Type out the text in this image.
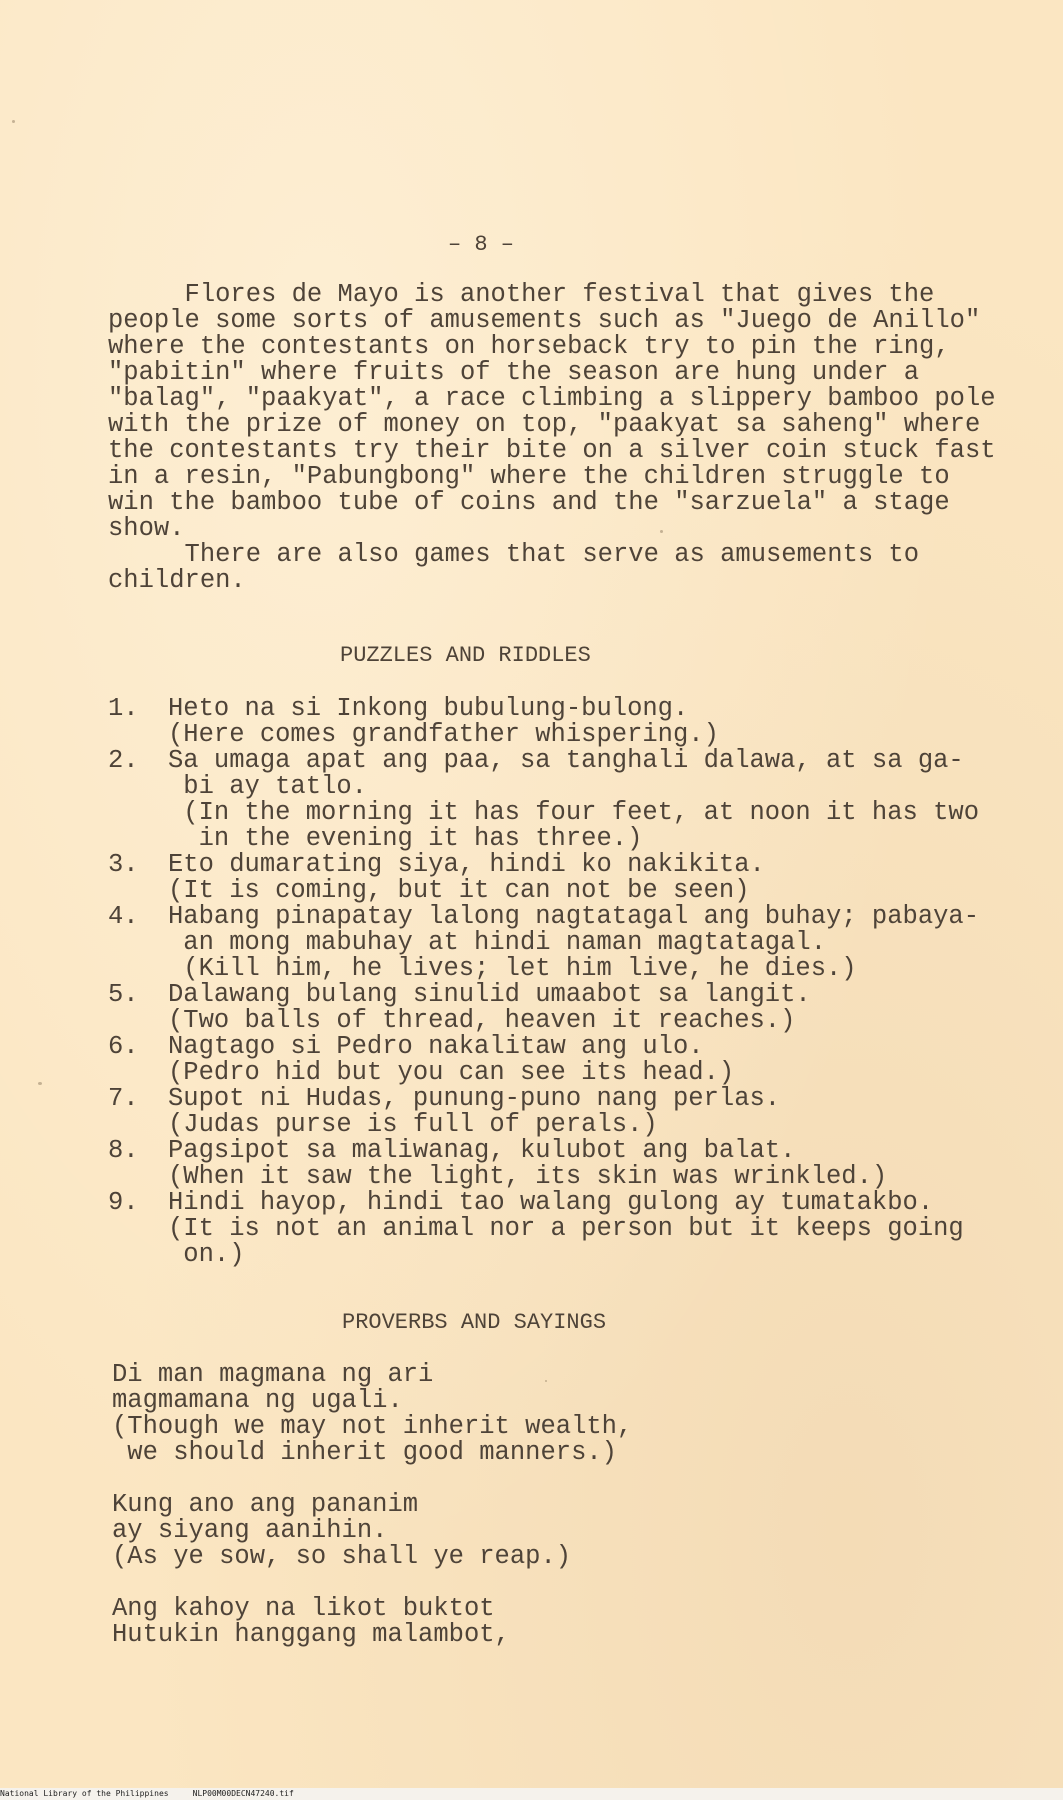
– 8 –
Flores de Mayo is another festival that gives the
people some sorts of amusements such as "Juego de Anillo"
where the contestants on horseback try to pin the ring,
"pabitin" where fruits of the season are hung under a
"balag", "paakyat", a race climbing a slippery bamboo pole
with the prize of money on top, "paakyat sa saheng" where
the contestants try their bite on a silver coin stuck fast
in a resin, "Pabungbong" where the children struggle to
win the bamboo tube of coins and the "sarzuela" a stage
show.
There are also games that serve as amusements to
children.
PUZZLES AND RIDDLES
1. Heto na si Inkong bubulung-bulong.
(Here comes grandfather whispering.)
2. Sa umaga apat ang paa, sa tanghali dalawa, at sa ga-
bi ay tatlo.
(In the morning it has four feet, at noon it has two
in the evening it has three.)
3. Eto dumarating siya, hindi ko nakikita.
(It is coming, but it can not be seen)
4. Habang pinapatay lalong nagtatagal ang buhay; pabaya-
an mong mabuhay at hindi naman magtatagal.
(Kill him, he lives; let him live, he dies.)
5. Dalawang bulang sinulid umaabot sa langit.
(Two balls of thread, heaven it reaches.)
6. Nagtago si Pedro nakalitaw ang ulo.
(Pedro hid but you can see its head.)
7. Supot ni Hudas, punung-puno nang perlas.
(Judas purse is full of perals.)
8. Pagsipot sa maliwanag, kulubot ang balat.
(When it saw the light, its skin was wrinkled.)
9. Hindi hayop, hindi tao walang gulong ay tumatakbo.
(It is not an animal nor a person but it keeps going
on.)
PROVERBS AND SAYINGS

Di man magmana ng ari
magmamana ng ugali.
(Though we may not inherit wealth,
we should inherit good manners.)

Kung ano ang pananim
ay siyang aanihin.
(As ye sow, so shall ye reap.)

Ang kahoy na likot buktot
Hutukin hanggang malambot,

National Library of the Philippines     NLP00M00DECN47240.tif
